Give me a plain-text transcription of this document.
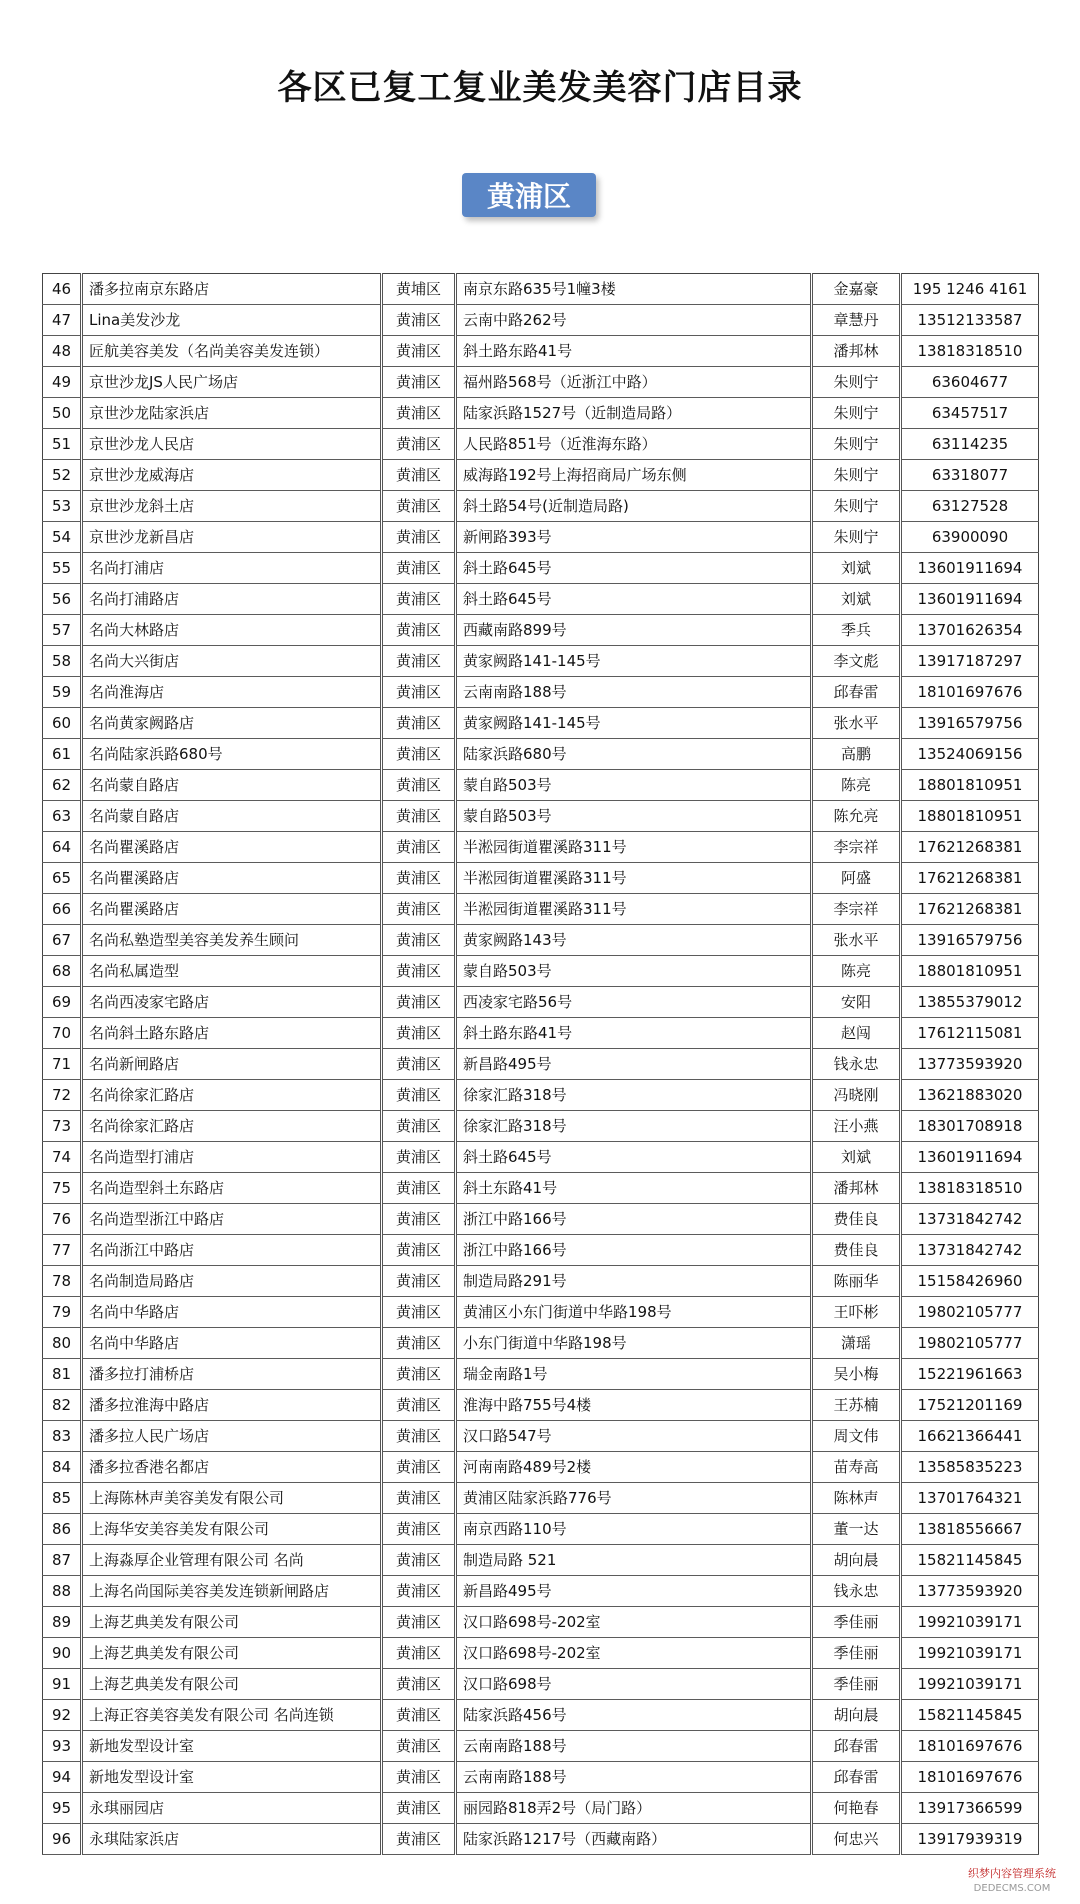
各区已复工复业美发美容门店目录
黄浦区
46	潘多拉南京东路店	黄埔区	南京东路635号1幢3楼	金嘉豪	195 1246 4161
47	Lina美发沙龙	黄浦区	云南中路262号	章慧丹	13512133587
48	匠航美容美发（名尚美容美发连锁）	黄浦区	斜土路东路41号	潘邦林	13818318510
49	京世沙龙JS人民广场店	黄浦区	福州路568号（近浙江中路）	朱则宁	63604677
50	京世沙龙陆家浜店	黄浦区	陆家浜路1527号（近制造局路）	朱则宁	63457517
51	京世沙龙人民店	黄浦区	人民路851号（近淮海东路）	朱则宁	63114235
52	京世沙龙威海店	黄浦区	威海路192号上海招商局广场东侧	朱则宁	63318077
53	京世沙龙斜土店	黄浦区	斜土路54号(近制造局路)	朱则宁	63127528
54	京世沙龙新昌店	黄浦区	新闸路393号	朱则宁	63900090
55	名尚打浦店	黄浦区	斜土路645号	刘斌	13601911694
56	名尚打浦路店	黄浦区	斜土路645号	刘斌	13601911694
57	名尚大林路店	黄浦区	西藏南路899号	季兵	13701626354
58	名尚大兴街店	黄浦区	黄家阙路141-145号	李文彪	13917187297
59	名尚淮海店	黄浦区	云南南路188号	邱春雷	18101697676
60	名尚黄家阙路店	黄浦区	黄家阙路141-145号	张水平	13916579756
61	名尚陆家浜路680号	黄浦区	陆家浜路680号	高鹏	13524069156
62	名尚蒙自路店	黄浦区	蒙自路503号	陈亮	18801810951
63	名尚蒙自路店	黄浦区	蒙自路503号	陈允亮	18801810951
64	名尚瞿溪路店	黄浦区	半淞园街道瞿溪路311号	李宗祥	17621268381
65	名尚瞿溪路店	黄浦区	半淞园街道瞿溪路311号	阿盛	17621268381
66	名尚瞿溪路店	黄浦区	半淞园街道瞿溪路311号	李宗祥	17621268381
67	名尚私塾造型美容美发养生顾问	黄浦区	黄家阙路143号	张水平	13916579756
68	名尚私属造型	黄浦区	蒙自路503号	陈亮	18801810951
69	名尚西凌家宅路店	黄浦区	西凌家宅路56号	安阳	13855379012
70	名尚斜土路东路店	黄浦区	斜土路东路41号	赵闯	17612115081
71	名尚新闸路店	黄浦区	新昌路495号	钱永忠	13773593920
72	名尚徐家汇路店	黄浦区	徐家汇路318号	冯晓刚	13621883020
73	名尚徐家汇路店	黄浦区	徐家汇路318号	汪小燕	18301708918
74	名尚造型打浦店	黄浦区	斜土路645号	刘斌	13601911694
75	名尚造型斜土东路店	黄浦区	斜土东路41号	潘邦林	13818318510
76	名尚造型浙江中路店	黄浦区	浙江中路166号	费佳良	13731842742
77	名尚浙江中路店	黄浦区	浙江中路166号	费佳良	13731842742
78	名尚制造局路店	黄浦区	制造局路291号	陈丽华	15158426960
79	名尚中华路店	黄浦区	黄浦区小东门街道中华路198号	王吓彬	19802105777
80	名尚中华路店	黄浦区	小东门街道中华路198号	潇瑶	19802105777
81	潘多拉打浦桥店	黄浦区	瑞金南路1号	吴小梅	15221961663
82	潘多拉淮海中路店	黄浦区	淮海中路755号4楼	王苏楠	17521201169
83	潘多拉人民广场店	黄浦区	汉口路547号	周文伟	16621366441
84	潘多拉香港名都店	黄浦区	河南南路489号2楼	苗寿高	13585835223
85	上海陈林声美容美发有限公司	黄浦区	黄浦区陆家浜路776号	陈林声	13701764321
86	上海华安美容美发有限公司	黄浦区	南京西路110号	董一达	13818556667
87	上海淼厚企业管理有限公司 名尚	黄浦区	制造局路 521	胡向晨	15821145845
88	上海名尚国际美容美发连锁新闸路店	黄浦区	新昌路495号	钱永忠	13773593920
89	上海艺典美发有限公司	黄浦区	汉口路698号-202室	季佳丽	19921039171
90	上海艺典美发有限公司	黄浦区	汉口路698号-202室	季佳丽	19921039171
91	上海艺典美发有限公司	黄浦区	汉口路698号	季佳丽	19921039171
92	上海正容美容美发有限公司 名尚连锁	黄浦区	陆家浜路456号	胡向晨	15821145845
93	新地发型设计室	黄浦区	云南南路188号	邱春雷	18101697676
94	新地发型设计室	黄浦区	云南南路188号	邱春雷	18101697676
95	永琪丽园店	黄浦区	丽园路818弄2号（局门路）	何艳春	13917366599
96	永琪陆家浜店	黄浦区	陆家浜路1217号（西藏南路）	何忠兴	13917939319
织梦内容管理系统
DEDECMS.COM
